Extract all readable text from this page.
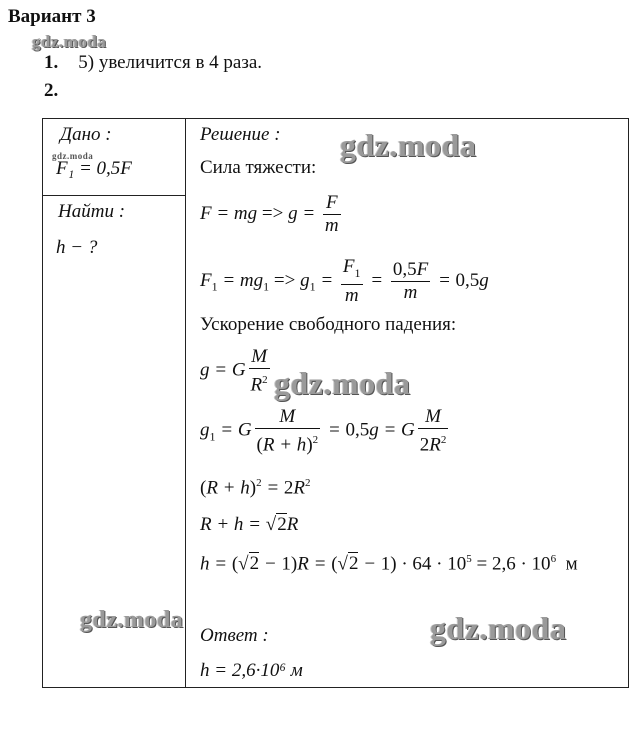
Вариант 3
gdz.moda
1. 5) увеличится в 4 раза.
2.
Дано :
gdz.moda
F₁ = 0,5F
Найти :
h − ?
Решение :
Сила тяжести:
F = mg => $g = \frac{F}{m}$
$F_1 = mg_1 => g_1 = \frac{F_1}{m} = \frac{0,5F}{m} = 0,5g$
Ускорение свободного падения:
g = G $\frac{M}{R^2}$
$g_1 = G \frac{M}{(R + h)^2} = 0,5g = G \frac{M}{2R^2}$
$(R + h)^2 = 2R^2$
R + h = √2R
$h = (√2 - 1)R = (√2 - 1) \cdot 64 \cdot 10^5 = 2,6 \cdot 10^6$  м
Ответ :
h = 2,6·10⁶ м
gdz.moda
gdz.moda
gdz.moda	gdz.moda
